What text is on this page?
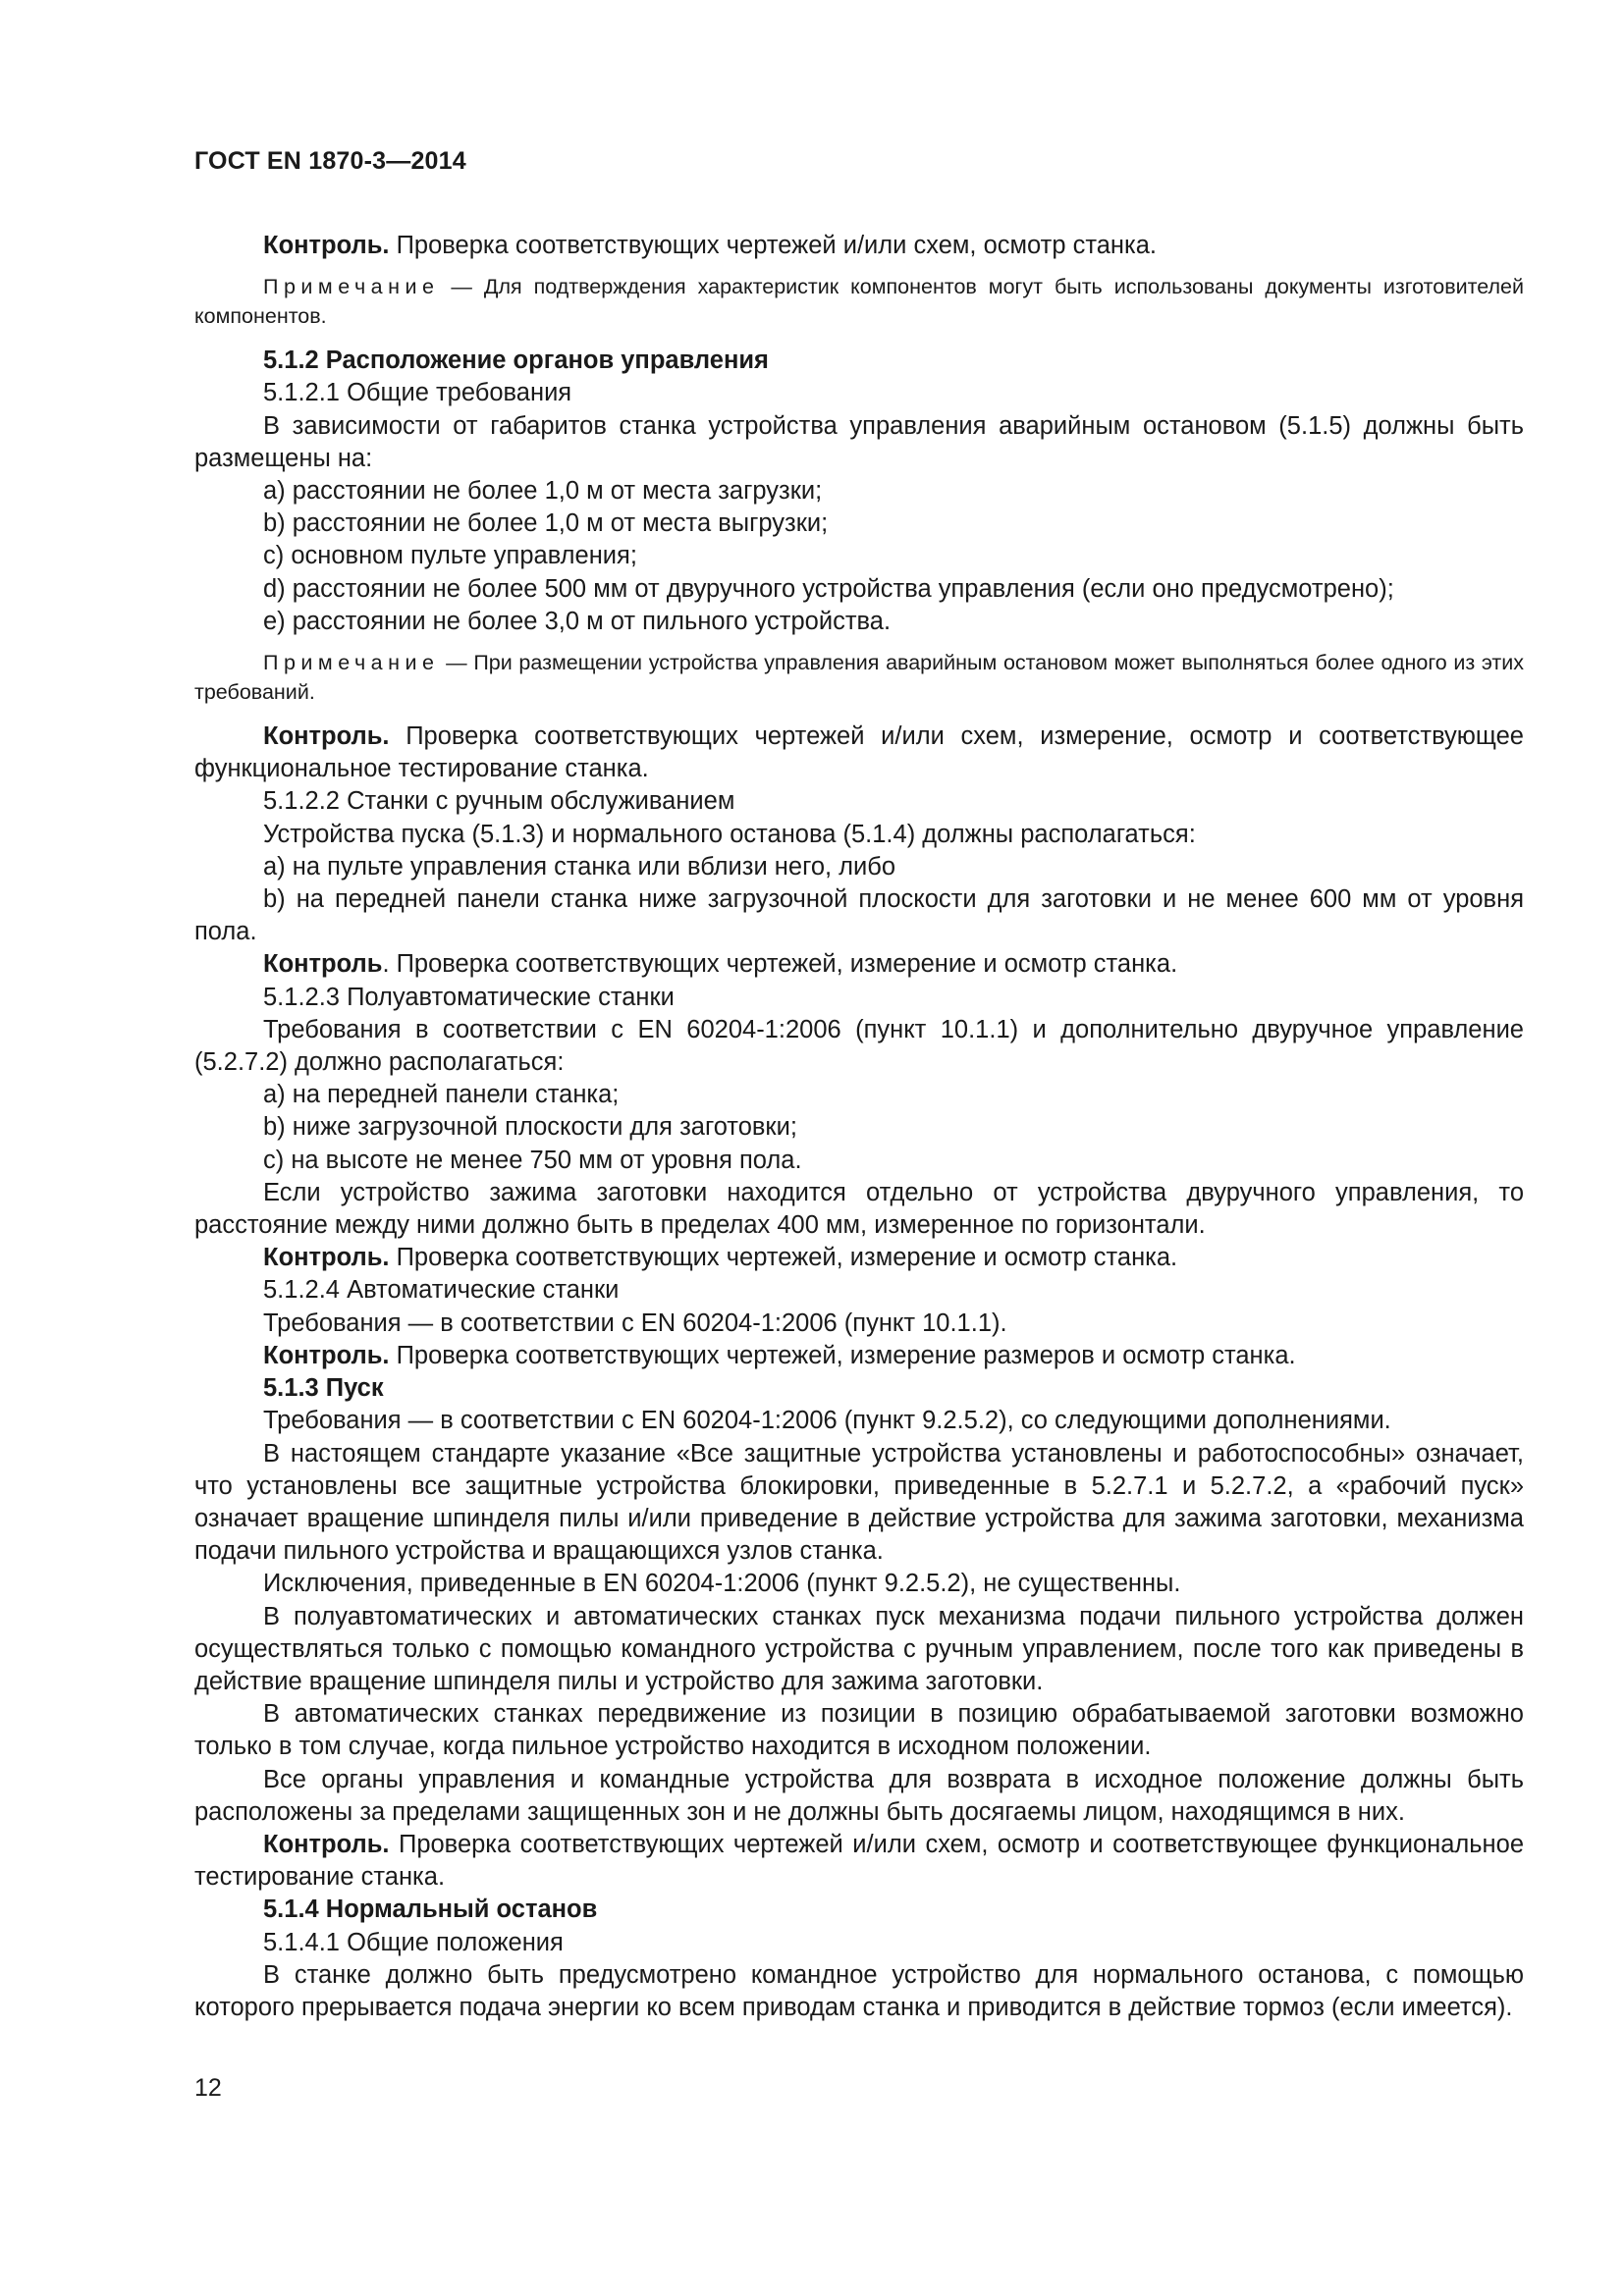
ГОСТ EN 1870-3—2014
Контроль. Проверка соответствующих чертежей и/или схем, осмотр станка.
Примечание — Для подтверждения характеристик компонентов могут быть использованы документы изготовителей компонентов.
5.1.2 Расположение органов управления
5.1.2.1 Общие требования
В зависимости от габаритов станка устройства управления аварийным остановом (5.1.5) должны быть размещены на:
a) расстоянии не более 1,0 м от места загрузки;
b) расстоянии не более 1,0 м от места выгрузки;
c) основном пульте управления;
d) расстоянии не более 500 мм от двуручного устройства управления (если оно предусмотрено);
e) расстоянии не более 3,0 м от пильного устройства.
Примечание — При размещении устройства управления аварийным остановом может выполняться более одного из этих требований.
Контроль. Проверка соответствующих чертежей и/или схем, измерение, осмотр и соответствующее функциональное тестирование станка.
5.1.2.2 Станки с ручным обслуживанием
Устройства пуска (5.1.3) и нормального останова (5.1.4) должны располагаться:
a) на пульте управления станка или вблизи него, либо
b) на передней панели станка ниже загрузочной плоскости для заготовки и не менее 600 мм от уровня пола.
Контроль. Проверка соответствующих чертежей, измерение и осмотр станка.
5.1.2.3 Полуавтоматические станки
Требования в соответствии с EN 60204-1:2006 (пункт 10.1.1) и дополнительно двуручное управление (5.2.7.2) должно располагаться:
a) на передней панели станка;
b) ниже загрузочной плоскости для заготовки;
c) на высоте не менее 750 мм от уровня пола.
Если устройство зажима заготовки находится отдельно от устройства двуручного управления, то расстояние между ними должно быть в пределах 400 мм, измеренное по горизонтали.
Контроль. Проверка соответствующих чертежей, измерение и осмотр станка.
5.1.2.4 Автоматические станки
Требования — в соответствии с EN 60204-1:2006 (пункт 10.1.1).
Контроль. Проверка соответствующих чертежей, измерение размеров и осмотр станка.
5.1.3 Пуск
Требования — в соответствии с EN 60204-1:2006 (пункт 9.2.5.2), со следующими дополнениями.
В настоящем стандарте указание «Все защитные устройства установлены и работоспособны» означает, что установлены все защитные устройства блокировки, приведенные в 5.2.7.1 и 5.2.7.2, а «рабочий пуск» означает вращение шпинделя пилы и/или приведение в действие устройства для зажима заготовки, механизма подачи пильного устройства и вращающихся узлов станка.
Исключения, приведенные в EN 60204-1:2006 (пункт 9.2.5.2), не существенны.
В полуавтоматических и автоматических станках пуск механизма подачи пильного устройства должен осуществляться только с помощью командного устройства с ручным управлением, после того как приведены в действие вращение шпинделя пилы и устройство для зажима заготовки.
В автоматических станках передвижение из позиции в позицию обрабатываемой заготовки возможно только в том случае, когда пильное устройство находится в исходном положении.
Все органы управления и командные устройства для возврата в исходное положение должны быть расположены за пределами защищенных зон и не должны быть досягаемы лицом, находящимся в них.
Контроль. Проверка соответствующих чертежей и/или схем, осмотр и соответствующее функциональное тестирование станка.
5.1.4 Нормальный останов
5.1.4.1 Общие положения
В станке должно быть предусмотрено командное устройство для нормального останова, с помощью которого прерывается подача энергии ко всем приводам станка и приводится в действие тормоз (если имеется).
12
